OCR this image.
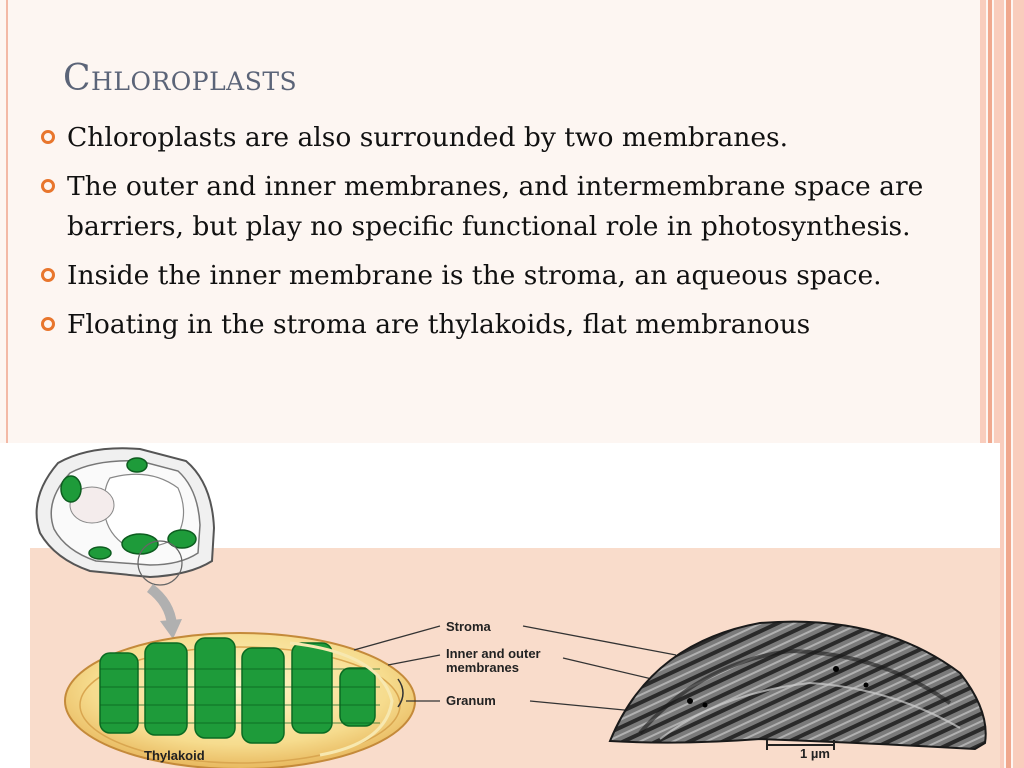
Chloroplasts
Chloroplasts are also surrounded by two membranes.
The outer and inner membranes, and intermembrane space are barriers, but play no specific functional role in photosynthesis.
Inside the inner membrane is the stroma, an aqueous space.
Floating in the stroma are thylakoids, flat membranous
Stroma
Inner and outer
membranes
Granum
Thylakoid	1 µm
